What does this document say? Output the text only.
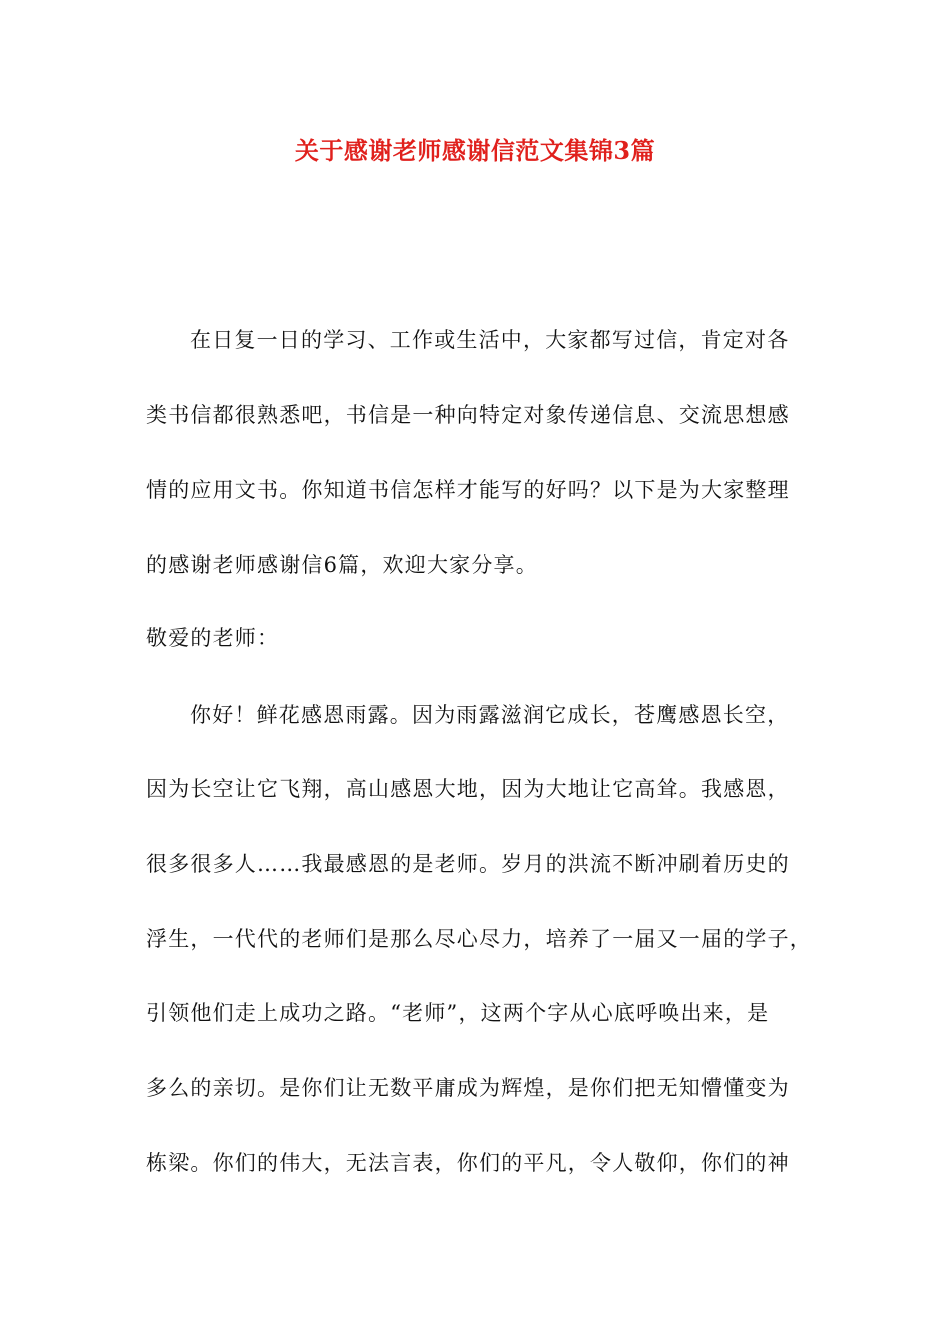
关于感谢老师感谢信范文集锦3篇
在日复一日的学习、工作或生活中，大家都写过信，肯定对各
类书信都很熟悉吧，书信是一种向特定对象传递信息、交流思想感
情的应用文书。你知道书信怎样才能写的好吗？以下是为大家整理
的感谢老师感谢信6篇，欢迎大家分享。
敬爱的老师：
你好！鲜花感恩雨露。因为雨露滋润它成长，苍鹰感恩长空，
因为长空让它飞翔，高山感恩大地，因为大地让它高耸。我感恩，
很多很多人……我最感恩的是老师。岁月的洪流不断冲刷着历史的
浮生，一代代的老师们是那么尽心尽力，培养了一届又一届的学子，
引领他们走上成功之路。“老师”，这两个字从心底呼唤出来，是
多么的亲切。是你们让无数平庸成为辉煌，是你们把无知懵懂变为
栋梁。你们的伟大，无法言表，你们的平凡，令人敬仰，你们的神
